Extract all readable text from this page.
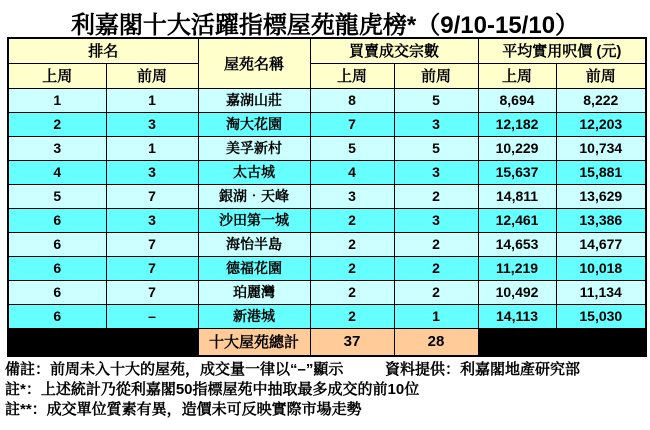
利嘉閣十大活躍指標屋苑龍虎榜*（9/10-15/10）
排名		屋苑名稱	買賣成交宗數		平均實用呎價 (元)	
上周	前周		上周	前周	上周	前周
1	1	嘉湖山莊	8	5	8,694	8,222
2	3	淘大花園	7	3	12,182	12,203
3	1	美孚新村	5	5	10,229	10,734
4	3	太古城	4	3	15,637	15,881
5	7	銀湖‧天峰	3	2	14,811	13,629
6	3	沙田第一城	2	3	12,461	13,386
6	7	海怡半島	2	2	14,653	14,677
6	7	德福花園	2	2	11,219	10,018
6	7	珀麗灣	2	2	10,492	11,134
6	–	新港城	2	1	14,113	15,030
		十大屋苑總計	37	28		
備註：前周未入十大的屋苑，成交量一律以“–”顯示	資料提供：利嘉閣地產研究部
註*：上述統計乃從利嘉閣50指標屋苑中抽取最多成交的前10位
註**：成交單位質素有異，造價未可反映實際市場走勢
